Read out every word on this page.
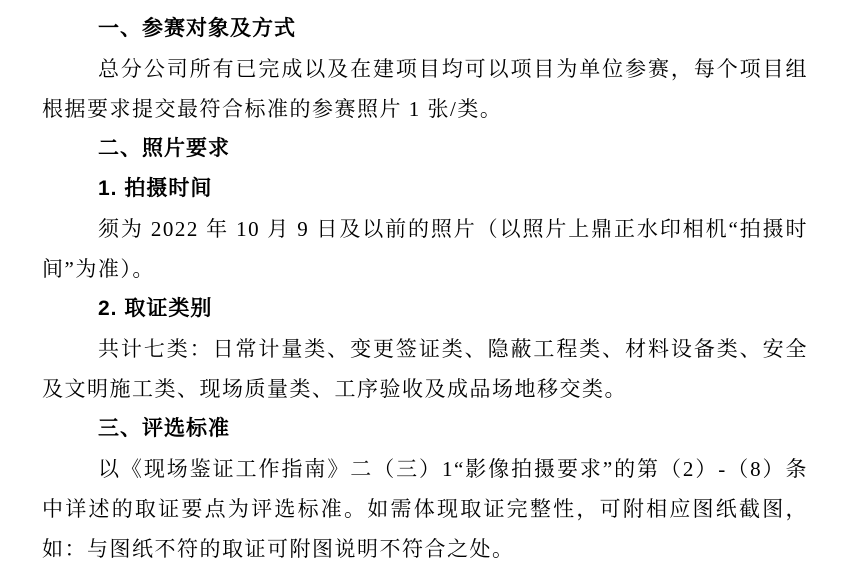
一、参赛对象及方式

总分公司所有已完成以及在建项目均可以项目为单位参赛，每个项目组根据要求提交最符合标准的参赛照片 1 张/类。

二、照片要求

1. 拍摄时间

须为 2022 年 10 月 9 日及以前的照片（以照片上鼎正水印相机“拍摄时间”为准）。

2. 取证类别

共计七类：日常计量类、变更签证类、隐蔽工程类、材料设备类、安全及文明施工类、现场质量类、工序验收及成品场地移交类。

三、评选标准

以《现场鉴证工作指南》二（三）1“影像拍摄要求”的第（2）-（8）条中详述的取证要点为评选标准。如需体现取证完整性，可附相应图纸截图，如：与图纸不符的取证可附图说明不符合之处。
